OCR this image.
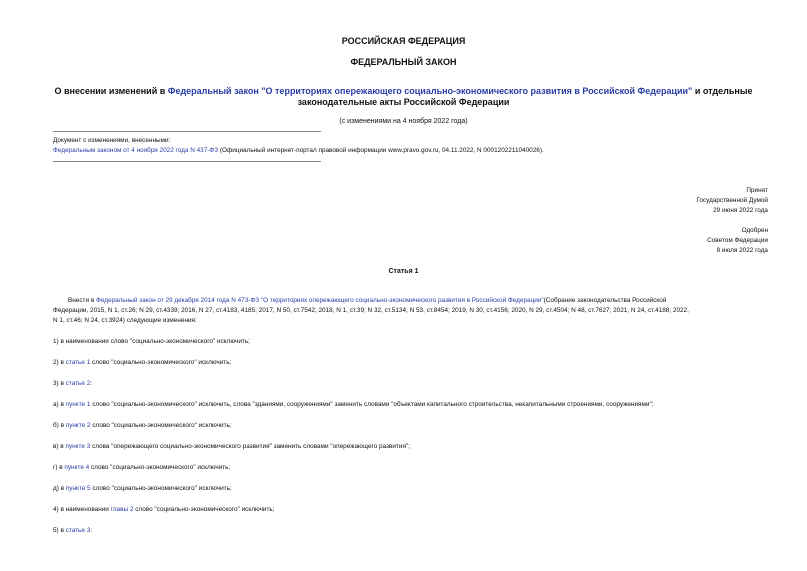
РОССИЙСКАЯ ФЕДЕРАЦИЯ
ФЕДЕРАЛЬНЫЙ ЗАКОН
О внесении изменений в Федеральный закон "О территориях опережающего социально-экономического развития в Российской Федерации" и отдельные
законодательные акты Российской Федерации
(с изменениями на 4 ноября 2022 года)
Документ с изменениями, внесенными:
Федеральным законом от 4 ноября 2022 года N 437-ФЗ (Официальный интернет-портал правовой информации www.pravo.gov.ru, 04.11.2022, N 0001202211040026).
Принят
Государственной Думой
29 июня 2022 года
Одобрен
Советом Федерации
8 июля 2022 года
Статья 1
Внести в Федеральный закон от 29 декабря 2014 года N 473-ФЗ "О территориях опережающего социально-экономического развития в Российской Федерации"(Собрание законодательства Российской
Федерации, 2015, N 1, ст.26; N 29, ст.4339; 2016, N 27, ст.4183, 4185; 2017, N 50, ст.7542; 2018, N 1, ст.39; N 32, ст.5134; N 53, ст.8454; 2019, N 30, ст.4156; 2020, N 29, ст.4504; N 48, ст.7627; 2021, N 24, ст.4188; 2022,
N 1, ст.46; N 24, ст.3924) следующие изменения:
1) в наименовании слово "социально-экономического" исключить;
2) в статье 1 слово "социально-экономического" исключить;
3) в статье 2:
а) в пункте 1 слово "социально-экономического" исключить, слова "зданиями, сооружениями" заменить словами "объектами капитального строительства, некапитальными строениями, сооружениями";
б) в пункте 2 слово "социально-экономического" исключить;
в) в пункте 3 слова "опережающего социально-экономического развития" заменить словами "опережающего развития";
г) в пункте 4 слово "социально-экономического" исключить;
д) в пункте 5 слово "социально-экономического" исключить;
4) в наименовании главы 2 слово "социально-экономического" исключить;
5) в статье 3:
